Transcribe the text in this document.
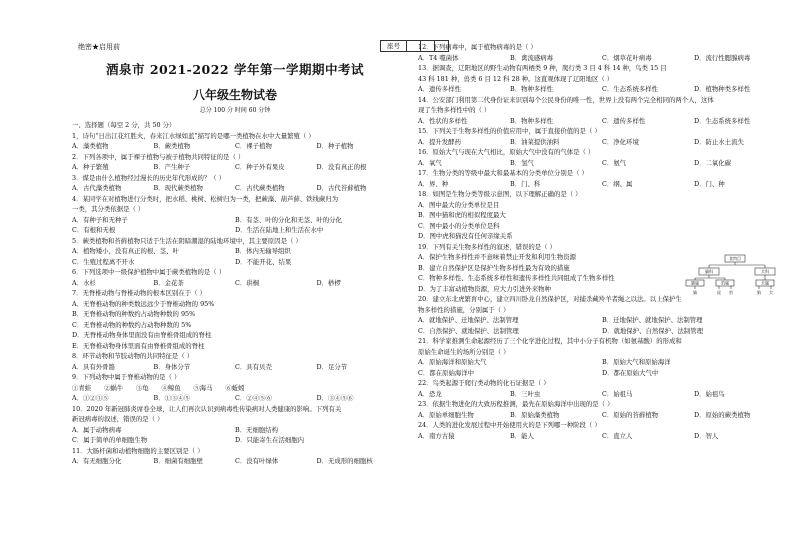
绝密★启用前	座号
酒泉市 2021-2022 学年第一学期期中考试
八年级生物试卷
总分 100 分 时间 60 分钟
一、选择题（每空 2 分，共 50 分）
1，诗句“日出江花红胜火，春来江水绿如蓝”描写的是哪一类植物在水中大量繁殖（ ）
A．藻类植物	B．蕨类植物	C．裸子植物	D．种子植物
2．下列各项中，属于裸子植物与被子植物共同特征的是（ ）
A．种子繁殖	B．产生种子	C．种子外有果皮	D．没有真正的根
3．煤是由什么植物经过漫长的历史年代形成的？（ ）
A．古代藻类植物	B．现代蕨类植物	C．古代蕨类植物	D．古代苔藓植物
4．某同学在对植物进行分类时，把水稻、桃树、松树归为一类，把蕨藻、葫芦藓、铁线蕨归为
一类，其分类依据是（ ）
A．有种子和无种子	B．有茎、叶的分化和无茎、叶的分化
C．有根和无根	D．生活在陆地上和生活在水中
5．蕨类植物和苔藓植物只适于生活在阴暗潮湿的陆地环境中，其主要原因是（ ）
A．植物矮小，没有真正的根、茎、叶	B．体内无输导组织
C．生殖过程离不开水	D．不能开花、结果
6．下列选项中一级保护植物中属于蕨类植物的是（ ）
A．水杉	B．金花茶	C．珙桐	D．桫椤
7．无脊椎动物与脊椎动物的根本区别在于（ ）
A．无脊椎动物的种类数远远少于脊椎动物的 95%
B．无脊椎动物的种数约占动物种数的 95%
C．无脊椎动物的种数约占动物种数的 5%
D．无脊椎动物身体里面没有由脊椎骨组成的脊柱
E．无脊椎动物身体里面有由脊椎骨组成的脊柱
8．环节动物和节肢动物的共同特征是（ ）
A．具有外骨骼	B．身体分节	C．具有贝壳	D．足分节
9．下列动物中属于脊椎动物的是（ ）
①青蛙　　②蜗牛　　③龟　　④鲸鱼　　⑤海马　　⑥蚯蚓
A．①②③⑤	B．①③④⑤	C．②④⑤⑥	D．③④⑤⑥
10．2020 年新冠肺炎席卷全球，让人们再次认识到病毒性传染病对人类健康的影响。下列有关
新冠病毒的叙述，错误的是（ ）
A．属于动物病毒	B．无细胞结构
C．属于简单的单细胞生物	D．只能寄生在活细胞内
11．大肠杆菌和动植物细胞的主要区别是（ ）
A．有无细胞分化	B．细菌有细胞壁	C．没有叶绿体	D．无成形的细胞核
12．下列病毒中，属于植物病毒的是（ ）
A．T4 噬菌体	B．禽流感病毒	C．烟草花叶病毒	D．流行性腮腺病毒
13．据调查，辽阳地区的野生动物有两栖类 9 种，爬行类 3 目 4 科 14 种，鸟类 15 目
43 科 181 种，兽类 6 目 12 科 28 种。这直观体现了辽阳地区（ ）
A．遗传多样性	B．物种多样性	C．生态系统多样性	D．植物种类多样性
14．公安部门利用第二代身份证来识别每个公民身份的唯一性，世界上没有两个完全相同的两个人，这体
现了生物多样性中的（ ）
A．性状的多样性	B．物种多样性	C．遗传多样性	D．生态系统多样性
15．下列关于生物多样性的价值应用中，属于直接价值的是（ ）
A．提升发酵药	B．油菜提供油料	C．净化环境	D．防止水土流失
16．原始大气与现在大气相比，原始大气中没有的气体是（ ）
A．氧气	B．氢气	C．氨气	D．二氧化碳
17．生物分类的等级中最大和最基本的分类单位分别是（ ）
A．界、种	B．门、科	C．纲、属	D．门、种
18．如图是生物分类等级示意图，以下理解正确的是（ ）
A．图中最大的分类单位是目
B．图中猫和虎的相似程度最大
C．图中最小的分类单位是科
D．图中虎和猫没有任何亲缘关系
19．下列有关生物多样性的叙述，错误的是（ ）
A．保护生物多样性并不意味着禁止开发和利用生物资源
B．建立自然保护区是保护生物多样性最为有效的措施
C．物种多样性、生态系统多样性和遗传多样性共同组成了生物多样性
D．为了丰富动植物资源，应大力引进外来物种
20．建立东北虎繁育中心，建立四川卧龙自然保护区，对捕杀藏羚羊者绳之以法。以上保护生
物多样性的措施，分别属于（ ）
A．就地保护、迁地保护、法制管理	B．迁地保护、就地保护、法制管理
C．自然保护、就地保护、法制管理	D．就地保护、自然保护、法制管理
21．科学家推测生命起源经历了三个化学进化过程，其中小分子有机物（如氨基酸）的形成和
原始生命诞生的场所分别是（ ）
A．原始海洋和原始大气	B．原始大气和原始海洋
C．都在原始海洋中	D．都在原始大气中
22．鸟类起源于爬行类动物的化石证据是（ ）
A．恐龙	B．三叶虫	C．始祖马	D．始祖鸟
23．依据生物进化的大致历程推测，最先在原始海洋中出现的是（ ）
A．原始单细胞生物	B．原始藻类植物	C．原始的苔藓植物	D．原始的蕨类植物
24．人类的进化发展过程中开始使用火的是下列哪一种阶段（ ）
A．南方古猿	B．能人	C．直立人	D．智人
食肉目
猫科	犬科
猫属	豹属	犬属
猫	虎 豹	狼 犬
